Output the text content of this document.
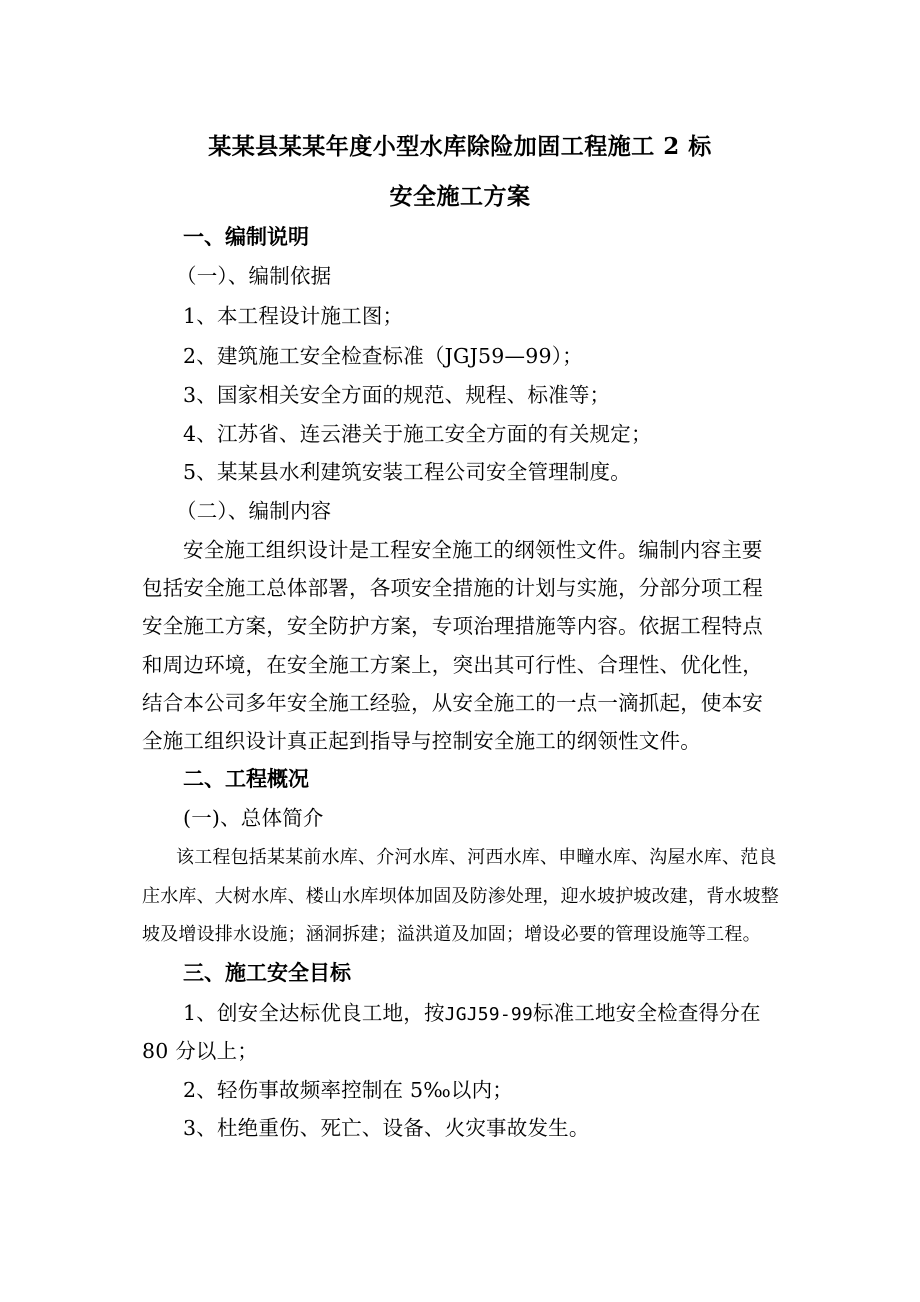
某某县某某年度小型水库除险加固工程施工 2 标
安全施工方案
一、编制说明
（一）、编制依据
1、本工程设计施工图；
2、建筑施工安全检查标准（JGJ59—99）；
3、国家相关安全方面的规范、规程、标准等；
4、江苏省、连云港关于施工安全方面的有关规定；
5、某某县水利建筑安装工程公司安全管理制度。
（二）、编制内容
安全施工组织设计是工程安全施工的纲领性文件。编制内容主要
包括安全施工总体部署，各项安全措施的计划与实施，分部分项工程
安全施工方案，安全防护方案，专项治理措施等内容。依据工程特点
和周边环境，在安全施工方案上，突出其可行性、合理性、优化性，
结合本公司多年安全施工经验，从安全施工的一点一滴抓起，使本安
全施工组织设计真正起到指导与控制安全施工的纲领性文件。
二、工程概况
(一)、总体简介
该工程包括某某前水库、介河水库、河西水库、申疃水库、沟屋水库、范良
庄水库、大树水库、楼山水库坝体加固及防渗处理，迎水坡护坡改建，背水坡整
坡及增设排水设施；涵洞拆建；溢洪道及加固；增设必要的管理设施等工程。
三、施工安全目标
1、创安全达标优良工地，按JGJ59-99标准工地安全检查得分在
80 分以上；
2、轻伤事故频率控制在 5‰以内；
3、杜绝重伤、死亡、设备、火灾事故发生。
